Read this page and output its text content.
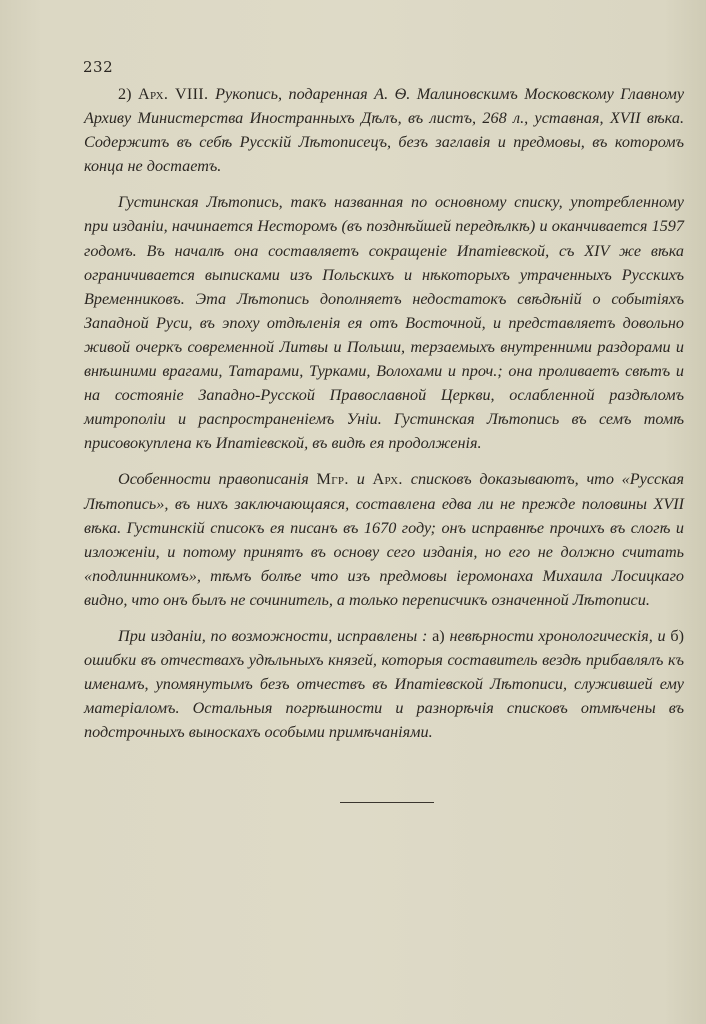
232

2) Арх. VIII. Рукопись, подаренная А. Ѳ. Малиновскимъ Московскому Главному Архиву Министерства Иностранныхъ Дѣлъ, въ листъ, 268 л., уставная, XVII вѣка. Содержитъ въ себѣ Русскій Лѣтописецъ, безъ заглавія и предмовы, въ которомъ конца не достаетъ.

Густинская Лѣтопись, такъ названная по основному списку, употребленному при изданіи, начинается Несторомъ (въ позднѣйшей передѣлкѣ) и оканчивается 1597 годомъ. Въ началѣ она составляетъ сокращеніе Ипатіевской, съ XIV же вѣка ограничивается выписками изъ Польскихъ и нѣкоторыхъ утраченныхъ Русскихъ Временниковъ. Эта Лѣтопись дополняетъ недостатокъ свѣдѣній о событіяхъ Западной Руси, въ эпоху отдѣленія ея отъ Восточной, и представляетъ довольно живой очеркъ современной Литвы и Польши, терзаемыхъ внутренними раздорами и внѣшними врагами, Татарами, Турками, Волохами и проч.; она проливаетъ свѣтъ и на состояніе Западно-Русской Православной Церкви, ослабленной раздѣломъ митрополіи и распространеніемъ Уніи. Густинская Лѣтопись въ семъ томѣ присовокуплена къ Ипатіевской, въ видѣ ея продолженія.

Особенности правописанія Мгр. и Арх. списковъ доказываютъ, что «Русская Лѣтопись», въ нихъ заключающаяся, составлена едва ли не прежде половины XVII вѣка. Густинскій списокъ ея писанъ въ 1670 году; онъ исправнѣе прочихъ въ слогѣ и изложеніи, и потому принятъ въ основу сего изданія, но его не должно считать «подлинникомъ», тѣмъ болѣе что изъ предмовы іеромонаха Михаила Лосицкаго видно, что онъ былъ не сочинитель, а только переписчикъ означенной Лѣтописи.

При изданіи, по возможности, исправлены : а) невѣрности хронологическія, и б) ошибки въ отчествахъ удѣльныхъ князей, которыя составитель вездѣ прибавлялъ къ именамъ, упомянутымъ безъ отчествъ въ Ипатіевской Лѣтописи, служившей ему матеріаломъ. Остальныя погрѣшности и разнорѣчія списковъ отмѣчены въ подстрочныхъ выноскахъ особыми примѣчаніями.
